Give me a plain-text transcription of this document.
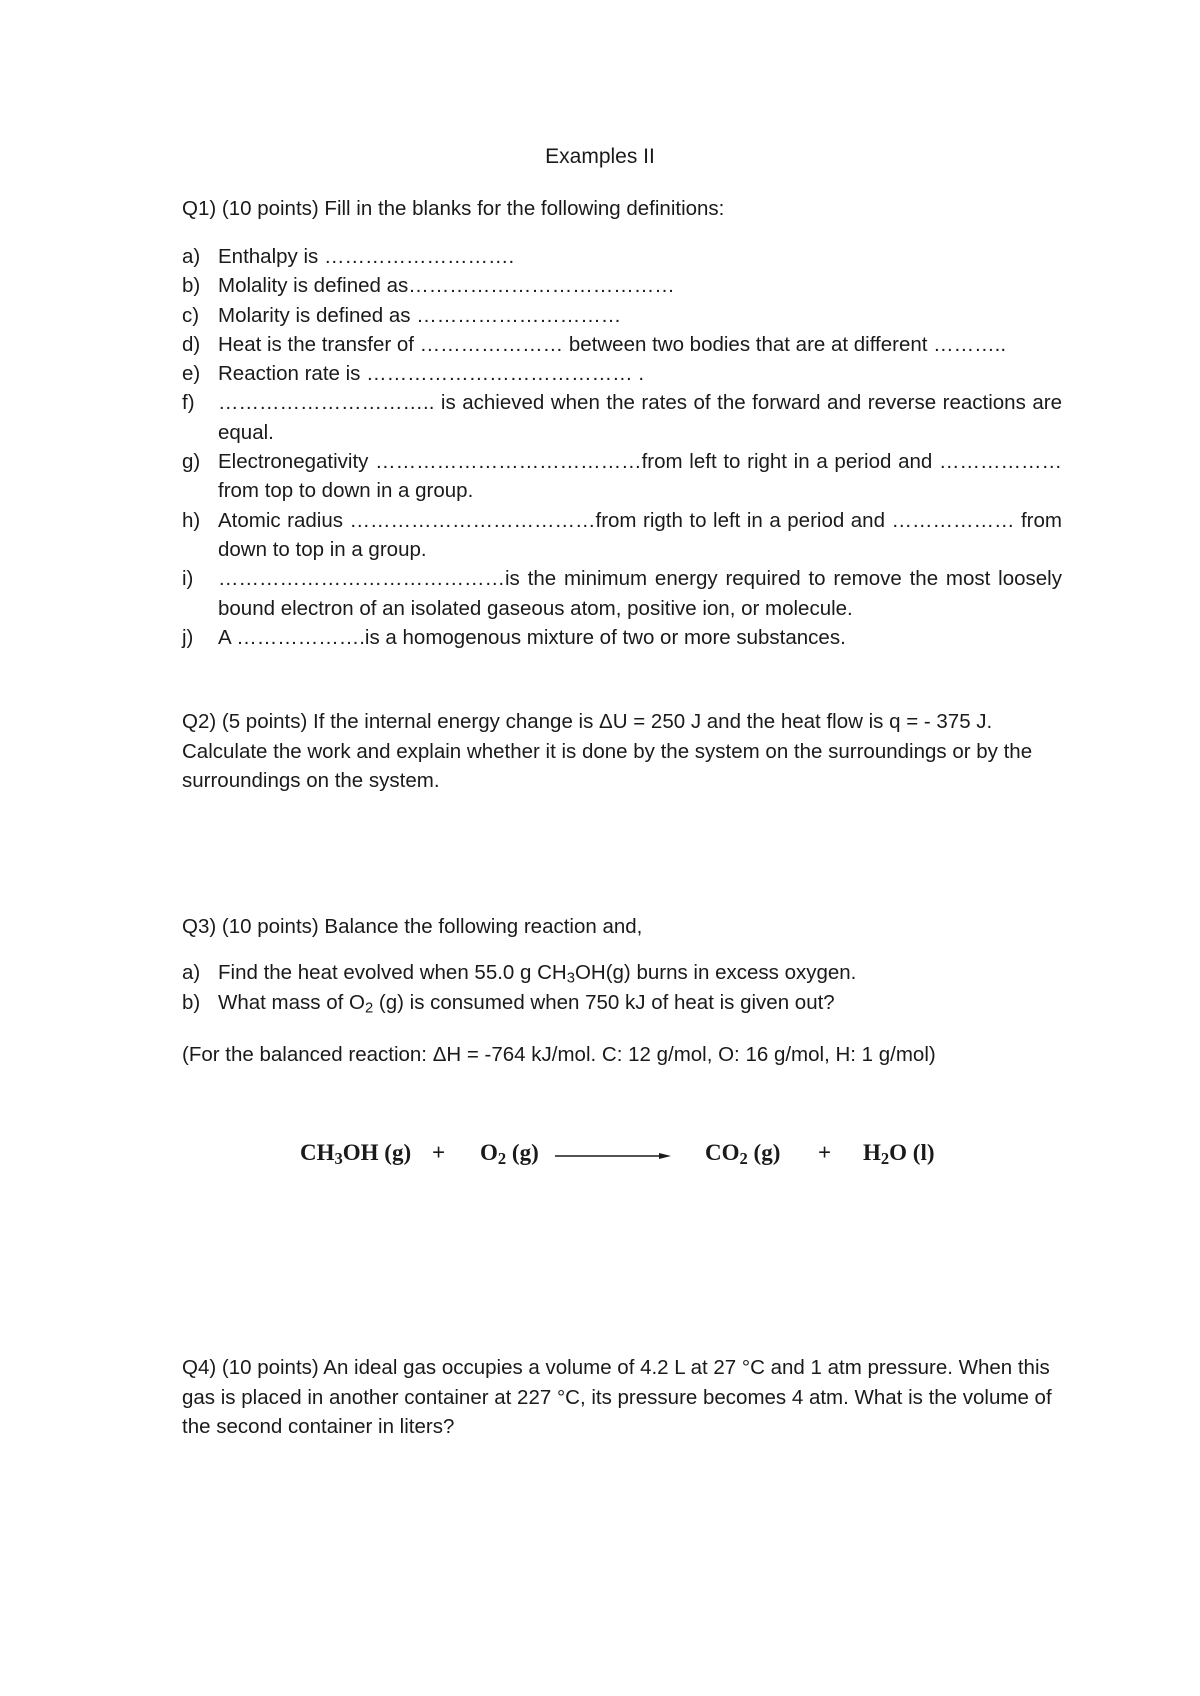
Examples II
Q1) (10 points) Fill in the blanks for the following definitions:
a) Enthalpy is ……………………….
b) Molality is defined as…………………………………
c) Molarity is defined as …………………………
d) Heat is the transfer of ………………… between two bodies that are at different ………..
e) Reaction rate is ………………………………… .
f) ………………………….. is achieved when the rates of the forward and reverse reactions are equal.
g) Electronegativity …………………………………from left to right in a period and ……………… from top to down in a group.
h) Atomic radius ………………………………from rigth to left in a period and ……………… from down to top in a group.
i) ……………………………………is the minimum energy required to remove the most loosely bound electron of an isolated gaseous atom, positive ion, or molecule.
j) A ……………….is a homogenous mixture of two or more substances.
Q2) (5 points) If the internal energy change is ΔU = 250 J and the heat flow is q = - 375 J. Calculate the work and explain whether it is done by the system on the surroundings or by the surroundings on the system.
Q3) (10 points) Balance the following reaction and,
a) Find the heat evolved when 55.0 g $CH_3OH(g)$ burns in excess oxygen.
b) What mass of $O_2$ (g) is consumed when 750 kJ of heat is given out?
(For the balanced reaction: ΔH = -764 kJ/mol. C: 12 g/mol, O: 16 g/mol, H: 1 g/mol)
$CH_3OH$ $(g) + O_2$ (g)	$CO_2$ $(g) + H_2O$ (l)
Q4) (10 points) An ideal gas occupies a volume of 4.2 L at 27 °C and 1 atm pressure. When this gas is placed in another container at 227 °C, its pressure becomes 4 atm. What is the volume of the second container in liters?
